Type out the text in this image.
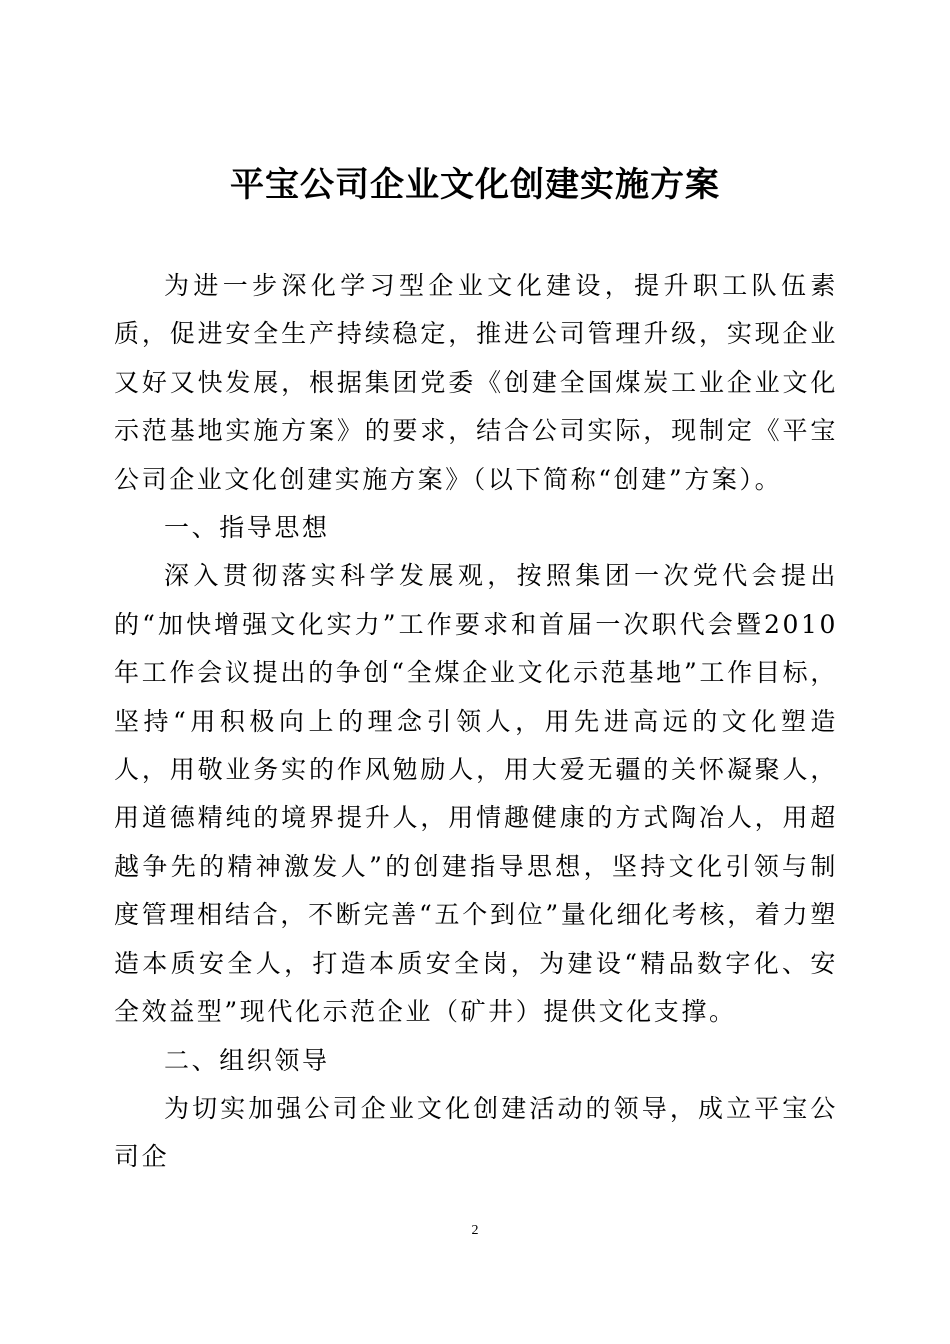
平宝公司企业文化创建实施方案

为进一步深化学习型企业文化建设，提升职工队伍素质，促进安全生产持续稳定，推进公司管理升级，实现企业又好又快发展，根据集团党委《创建全国煤炭工业企业文化示范基地实施方案》的要求，结合公司实际，现制定《平宝公司企业文化创建实施方案》（以下简称“创建”方案）。

一、指导思想

深入贯彻落实科学发展观，按照集团一次党代会提出的“加快增强文化实力”工作要求和首届一次职代会暨2010年工作会议提出的争创“全煤企业文化示范基地”工作目标，坚持“用积极向上的理念引领人，用先进高远的文化塑造人，用敬业务实的作风勉励人，用大爱无疆的关怀凝聚人，用道德精纯的境界提升人，用情趣健康的方式陶冶人，用超越争先的精神激发人”的创建指导思想，坚持文化引领与制度管理相结合，不断完善“五个到位”量化细化考核，着力塑造本质安全人，打造本质安全岗，为建设“精品数字化、安全效益型”现代化示范企业（矿井）提供文化支撑。

二、组织领导

为切实加强公司企业文化创建活动的领导，成立平宝公司企

2
